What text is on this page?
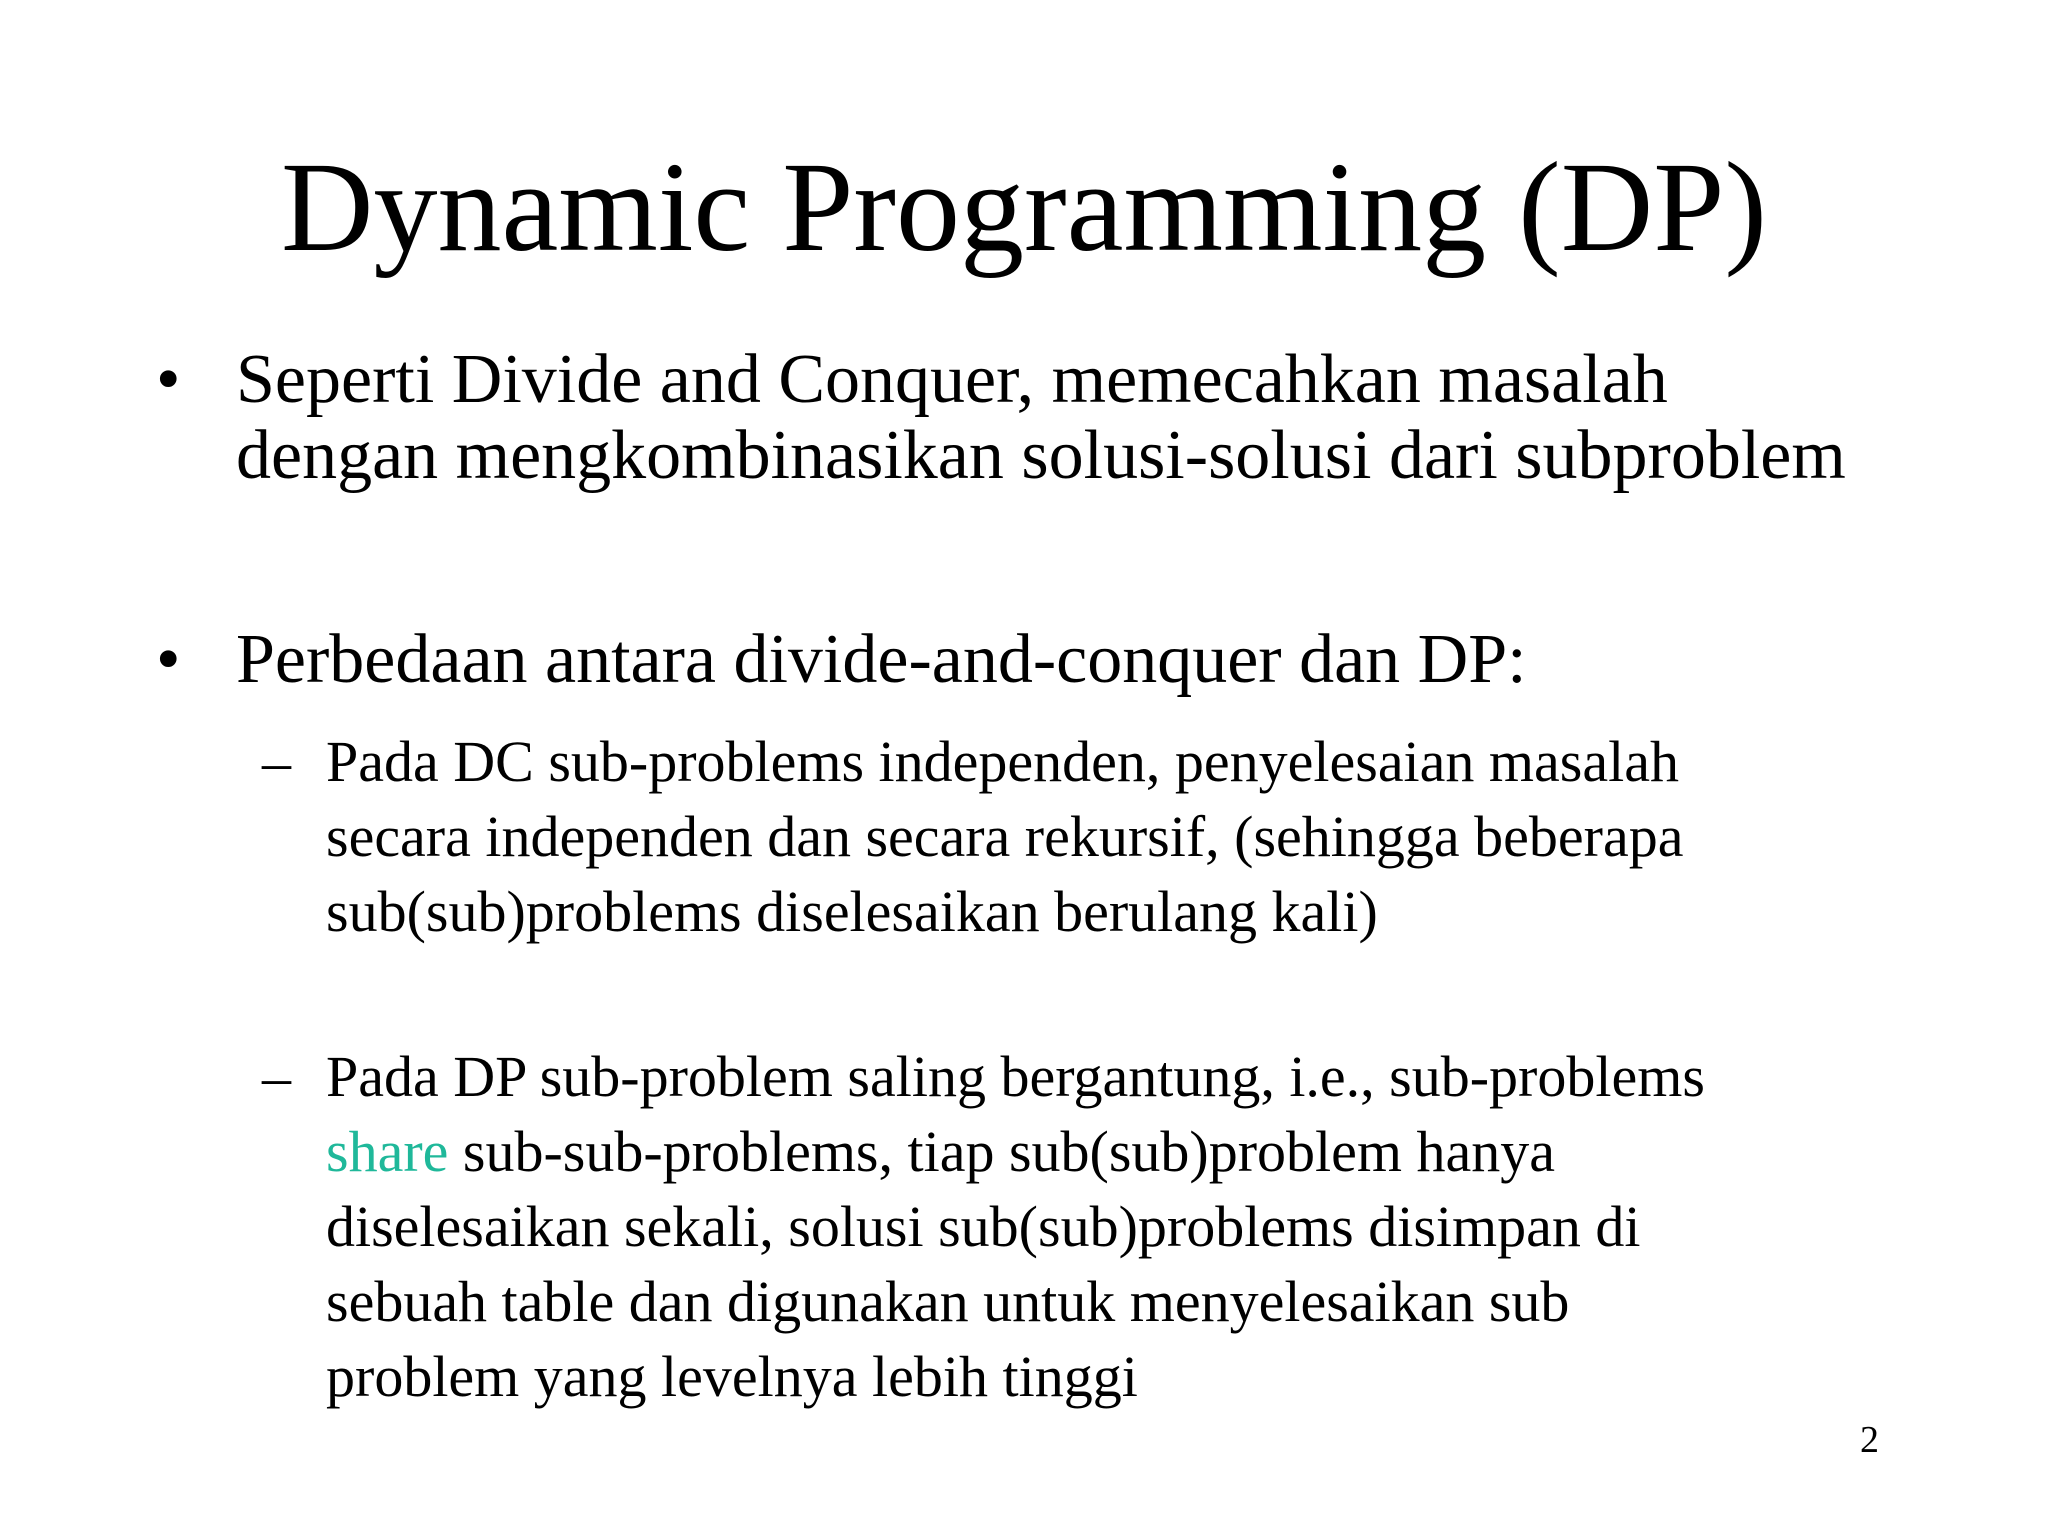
Dynamic Programming (DP)
• Seperti Divide and Conquer, memecahkan masalah dengan mengkombinasikan solusi-solusi dari subproblem
• Perbedaan antara divide-and-conquer dan DP:
– Pada DC sub-problems independen, penyelesaian masalah secara independen dan secara rekursif, (sehingga beberapa sub(sub)problems diselesaikan berulang kali)
– Pada DP sub-problem saling bergantung, i.e., sub-problems share sub-sub-problems, tiap sub(sub)problem hanya diselesaikan sekali, solusi sub(sub)problems disimpan di sebuah table dan digunakan untuk menyelesaikan sub problem yang levelnya lebih tinggi
2
